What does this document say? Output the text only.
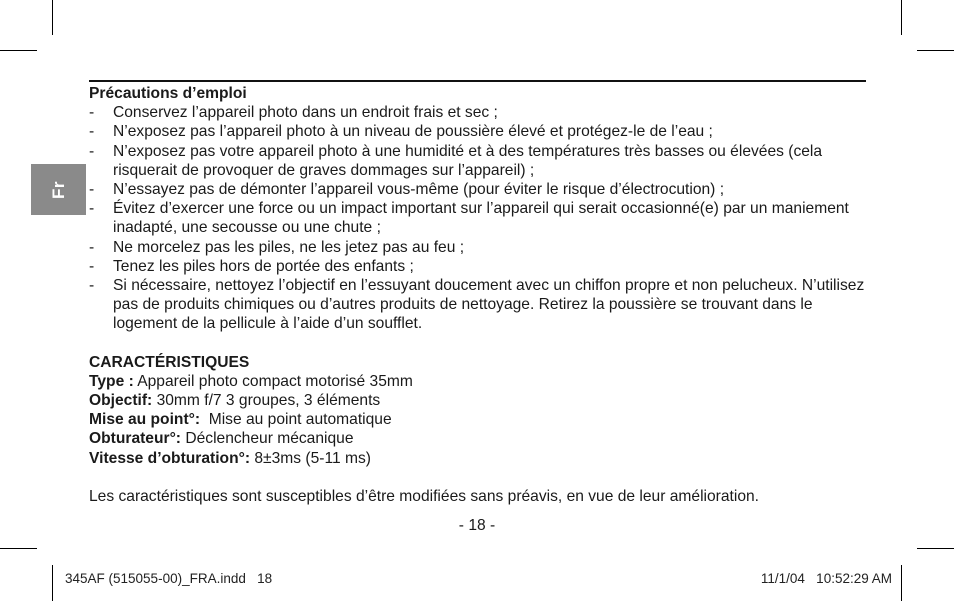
Fr

Précautions d’emploi

- Conservez l’appareil photo dans un endroit frais et sec ;
- N’exposez pas l’appareil photo à un niveau de poussière élevé et protégez-le de l’eau ;
- N’exposez pas votre appareil photo à une humidité et à des températures très basses ou élevées (cela risquerait de provoquer de graves dommages sur l’appareil) ;
- N’essayez pas de démonter l’appareil vous-même (pour éviter le risque d’électrocution) ;
- Évitez d’exercer une force ou un impact important sur l’appareil qui serait occasionné(e) par un maniement inadapté, une secousse ou une chute ;
- Ne morcelez pas les piles, ne les jetez pas au feu ;
- Tenez les piles hors de portée des enfants ;
- Si nécessaire, nettoyez l’objectif en l’essuyant doucement avec un chiffon propre et non pelucheux. N’utilisez pas de produits chimiques ou d’autres produits de nettoyage. Retirez la poussière se trouvant dans le logement de la pellicule à l’aide d’un soufflet.

CARACTÉRISTIQUES

Type : Appareil photo compact motorisé 35mm
Objectif: 30mm f/7 3 groupes, 3 éléments
Mise au point°:  Mise au point automatique
Obturateur°: Déclencheur mécanique
Vitesse d’obturation°: 8±3ms (5-11 ms)

Les caractéristiques sont susceptibles d’être modifiées sans préavis, en vue de leur amélioration.

- 18 -
345AF (515055-00)_FRA.indd   18	11/1/04   10:52:29 AM
